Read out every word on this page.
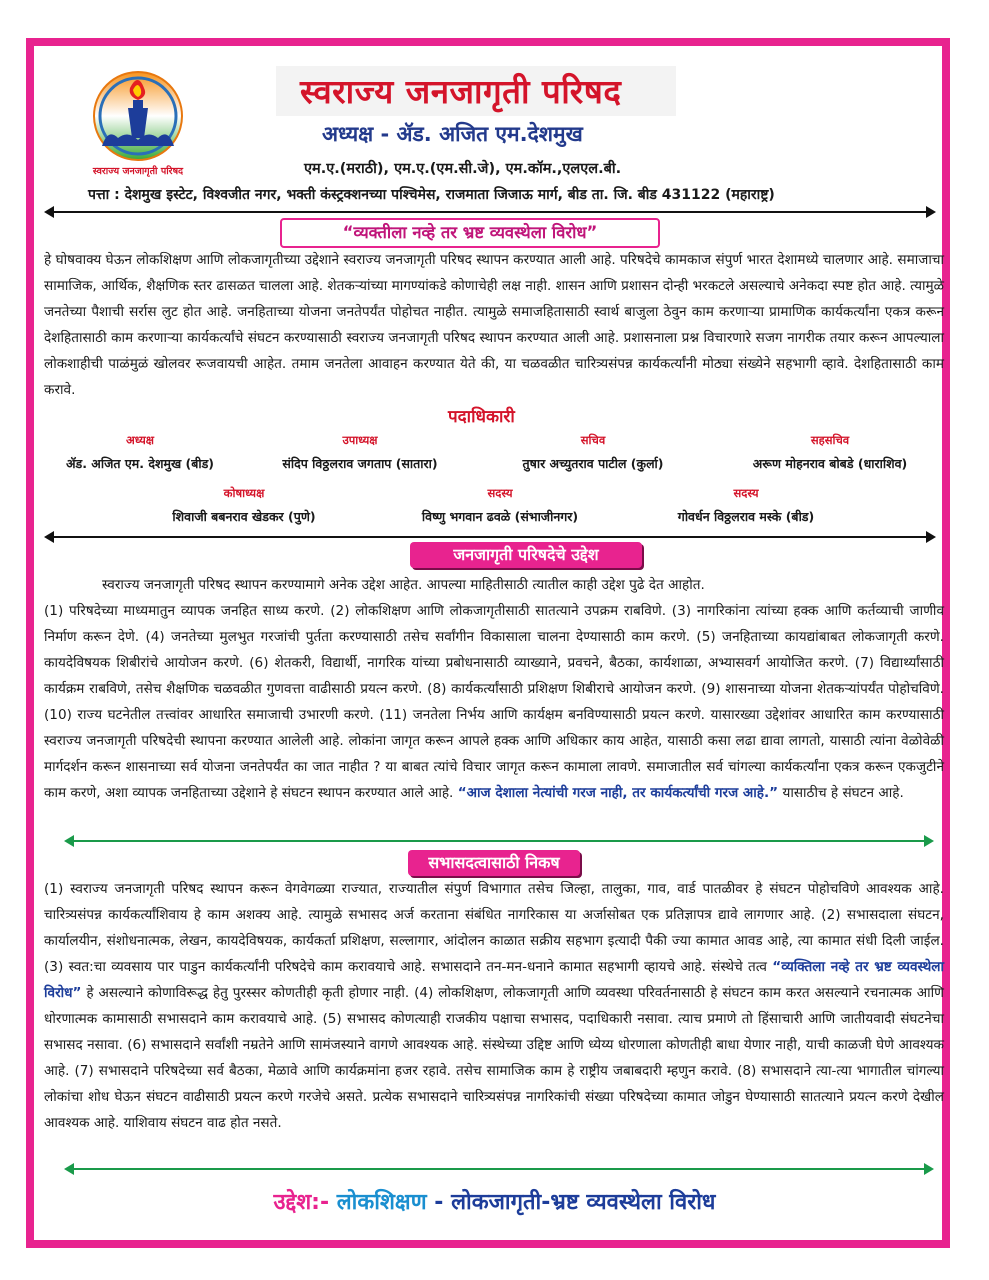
स्वराज्य जनजागृती परिषद
स्वराज्य जनजागृती परिषद
अध्यक्ष - ॲड. अजित एम.देशमुख
एम.ए.(मराठी), एम.ए.(एम.सी.जे), एम.कॉम.,एलएल.बी.
पत्ता : देशमुख इस्टेट, विश्वजीत नगर, भक्ती कंस्ट्रक्शनच्या पश्चिमेस, राजमाता जिजाऊ मार्ग, बीड ता. जि. बीड 431122 (महाराष्ट्र)
“व्यक्तीला नव्हे तर भ्रष्ट व्यवस्थेला विरोध”

हे घोषवाक्य घेऊन लोकशिक्षण आणि लोकजागृतीच्या उद्देशाने स्वराज्य जनजागृती परिषद स्थापन करण्यात आली आहे. परिषदेचे कामकाज संपुर्ण भारत देशामध्ये चालणार आहे. समाजाचा सामाजिक, आर्थिक, शैक्षणिक स्तर ढासळत चालला आहे. शेतकऱ्यांच्या मागण्यांकडे कोणाचेही लक्ष नाही. शासन आणि प्रशासन दोन्ही भरकटले असल्याचे अनेकदा स्पष्ट होत आहे. त्यामुळे जनतेच्या पैशाची सर्रास लुट होत आहे. जनहिताच्या योजना जनतेपर्यंत पोहोचत नाहीत. त्यामुळे समाजहितासाठी स्वार्थ बाजुला ठेवुन काम करणाऱ्या प्रामाणिक कार्यकर्त्यांना एकत्र करून देशहितासाठी काम करणाऱ्या कार्यकर्त्यांचे संघटन करण्यासाठी स्वराज्य जनजागृती परिषद स्थापन करण्यात आली आहे. प्रशासनाला प्रश्न विचारणारे सजग नागरीक तयार करून आपल्याला लोकशाहीची पाळंमुळं खोलवर रूजवायची आहेत. तमाम जनतेला आवाहन करण्यात येते की, या चळवळीत चारित्र्यसंपन्न कार्यकर्त्यांनी मोठ्या संख्येने सहभागी व्हावे. देशहितासाठी काम करावे.

पदाधिकारी
अध्यक्ष
ॲड. अजित एम. देशमुख (बीड)
उपाध्यक्ष
संदिप विठ्ठलराव जगताप (सातारा)
सचिव
तुषार अच्युतराव पाटील (कुर्ला)
सहसचिव
अरूण मोहनराव बोबडे (धाराशिव)
कोषाध्यक्ष
शिवाजी बबनराव खेडकर (पुणे)
सदस्य
विष्णु भगवान ढवळे (संभाजीनगर)
सदस्य
गोवर्धन विठ्ठलराव मस्के (बीड)
जनजागृती परिषदेचे उद्देश

स्वराज्य जनजागृती परिषद स्थापन करण्यामागे अनेक उद्देश आहेत. आपल्या माहितीसाठी त्यातील काही उद्देश पुढे देत आहोत.

(1) परिषदेच्या माध्यमातुन व्यापक जनहित साध्य करणे. (2) लोकशिक्षण आणि लोकजागृतीसाठी सातत्याने उपक्रम राबविणे. (3) नागरिकांना त्यांच्या हक्क आणि कर्तव्याची जाणीव निर्माण करून देणे. (4) जनतेच्या मुलभुत गरजांची पुर्तता करण्यासाठी तसेच सर्वांगीन विकासाला चालना देण्यासाठी काम करणे. (5) जनहिताच्या कायद्यांबाबत लोकजागृती करणे. कायदेविषयक शिबीरांचे आयोजन करणे. (6) शेतकरी, विद्यार्थी, नागरिक यांच्या प्रबोधनासाठी व्याख्याने, प्रवचने, बैठका, कार्यशाळा, अभ्यासवर्ग आयोजित करणे. (7) विद्यार्थ्यांसाठी कार्यक्रम राबविणे, तसेच शैक्षणिक चळवळीत गुणवत्ता वाढीसाठी प्रयत्न करणे. (8) कार्यकर्त्यांसाठी प्रशिक्षण शिबीराचे आयोजन करणे. (9) शासनाच्या योजना शेतकऱ्यांपर्यंत पोहोचविणे. (10) राज्य घटनेतील तत्त्वांवर आधारित समाजाची उभारणी करणे. (11) जनतेला निर्भय आणि कार्यक्षम बनविण्यासाठी प्रयत्न करणे. यासारख्या उद्देशांवर आधारित काम करण्यासाठी स्वराज्य जनजागृती परिषदेची स्थापना करण्यात आलेली आहे. लोकांना जागृत करून आपले हक्क आणि अधिकार काय आहेत, यासाठी कसा लढा द्यावा लागतो, यासाठी त्यांना वेळोवेळी मार्गदर्शन करून शासनाच्या सर्व योजना जनतेपर्यंत का जात नाहीत ? या बाबत त्यांचे विचार जागृत करून कामाला लावणे. समाजातील सर्व चांगल्या कार्यकर्त्यांना एकत्र करून एकजुटीने काम करणे, अशा व्यापक जनहिताच्या उद्देशाने हे संघटन स्थापन करण्यात आले आहे. “आज देशाला नेत्यांची गरज नाही, तर कार्यकर्त्यांची गरज आहे.” यासाठीच हे संघटन आहे.

सभासदत्वासाठी निकष

(1) स्वराज्य जनजागृती परिषद स्थापन करून वेगवेगळ्या राज्यात, राज्यातील संपुर्ण विभागात तसेच जिल्हा, तालुका, गाव, वार्ड पातळीवर हे संघटन पोहोचविणे आवश्यक आहे. चारित्र्यसंपन्न कार्यकर्त्यांशिवाय हे काम अशक्य आहे. त्यामुळे सभासद अर्ज करताना संबंधित नागरिकास या अर्जासोबत एक प्रतिज्ञापत्र द्यावे लागणार आहे. (2) सभासदाला संघटन, कार्यालयीन, संशोधनात्मक, लेखन, कायदेविषयक, कार्यकर्ता प्रशिक्षण, सल्लागार, आंदोलन काळात सक्रीय सहभाग इत्यादी पैकी ज्या कामात आवड आहे, त्या कामात संधी दिली जाईल. (3) स्वत:चा व्यवसाय पार पाडुन कार्यकर्त्यांनी परिषदेचे काम करावयाचे आहे. सभासदाने तन-मन-धनाने कामात सहभागी व्हायचे आहे. संस्थेचे तत्व “व्यक्तिला नव्हे तर भ्रष्ट व्यवस्थेला विरोध” हे असल्याने कोणाविरूद्ध हेतु पुरस्सर कोणतीही कृती होणार नाही. (4) लोकशिक्षण, लोकजागृती आणि व्यवस्था परिवर्तनासाठी हे संघटन काम करत असल्याने रचनात्मक आणि धोरणात्मक कामासाठी सभासदाने काम करावयाचे आहे. (5) सभासद कोणत्याही राजकीय पक्षाचा सभासद, पदाधिकारी नसावा. त्याच प्रमाणे तो हिंसाचारी आणि जातीयवादी संघटनेचा सभासद नसावा. (6) सभासदाने सर्वांशी नम्रतेने आणि सामंजस्याने वागणे आवश्यक आहे. संस्थेच्या उद्दिष्ट आणि ध्येय्य धोरणाला कोणतीही बाधा येणार नाही, याची काळजी घेणे आवश्यक आहे. (7) सभासदाने परिषदेच्या सर्व बैठका, मेळावे आणि कार्यक्रमांना हजर रहावे. तसेच सामाजिक काम हे राष्ट्रीय जबाबदारी म्हणुन करावे. (8) सभासदाने त्या-त्या भागातील चांगल्या लोकांचा शोध घेऊन संघटन वाढीसाठी प्रयत्न करणे गरजेचे असते. प्रत्येक सभासदाने चारित्र्यसंपन्न नागरिकांची संख्या परिषदेच्या कामात जोडुन घेण्यासाठी सातत्याने प्रयत्न करणे देखील आवश्यक आहे. याशिवाय संघटन वाढ होत नसते.

उद्देश:- लोकशिक्षण - लोकजागृती-भ्रष्ट व्यवस्थेला विरोध
